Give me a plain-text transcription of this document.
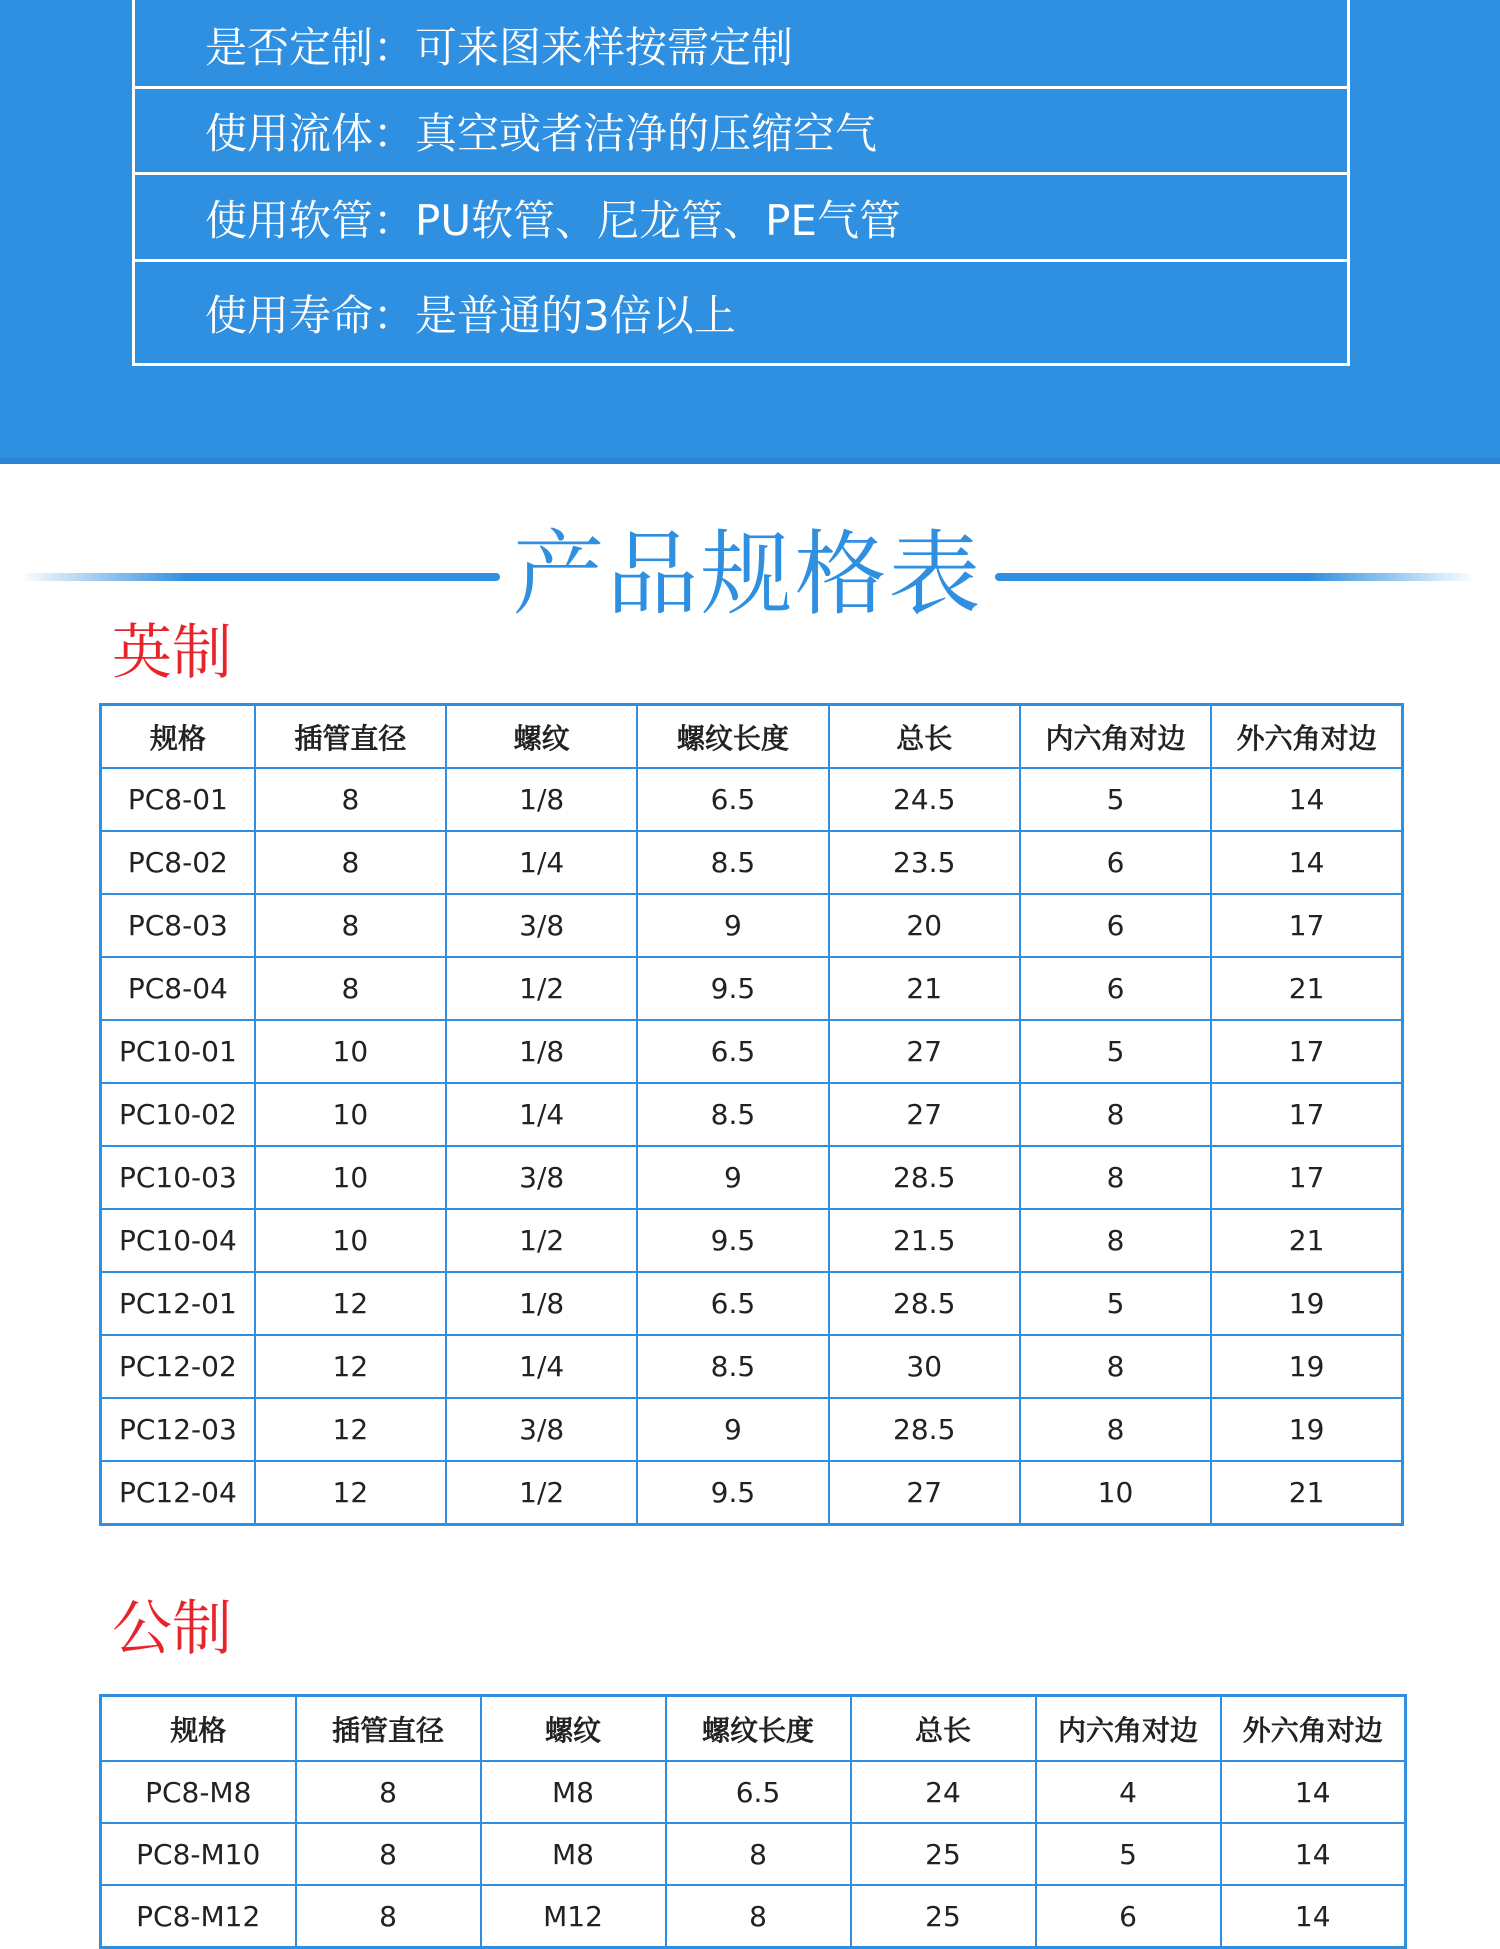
是否定制 ： 可来图来样按需定制
使用流体 ： 真空或者洁净的压缩空气
使用软管 ： PU软管、尼龙管、PE气管
使用寿命 ： 是普通的3倍以上
产品规格表
英制
规格	插管直径	螺纹	螺纹长度	总长	内六角对边	外六角对边
PC8-01	8	1/8	6.5	24.5	5	14
PC8-02	8	1/4	8.5	23.5	6	14
PC8-03	8	3/8	9	20	6	17
PC8-04	8	1/2	9.5	21	6	21
PC10-01	10	1/8	6.5	27	5	17
PC10-02	10	1/4	8.5	27	8	17
PC10-03	10	3/8	9	28.5	8	17
PC10-04	10	1/2	9.5	21.5	8	21
PC12-01	12	1/8	6.5	28.5	5	19
PC12-02	12	1/4	8.5	30	8	19
PC12-03	12	3/8	9	28.5	8	19
PC12-04	12	1/2	9.5	27	10	21
公制
规格	插管直径	螺纹	螺纹长度	总长	内六角对边	外六角对边
PC8-M8	8	M8	6.5	24	4	14
PC8-M10	8	M8	8	25	5	14
PC8-M12	8	M12	8	25	6	14
